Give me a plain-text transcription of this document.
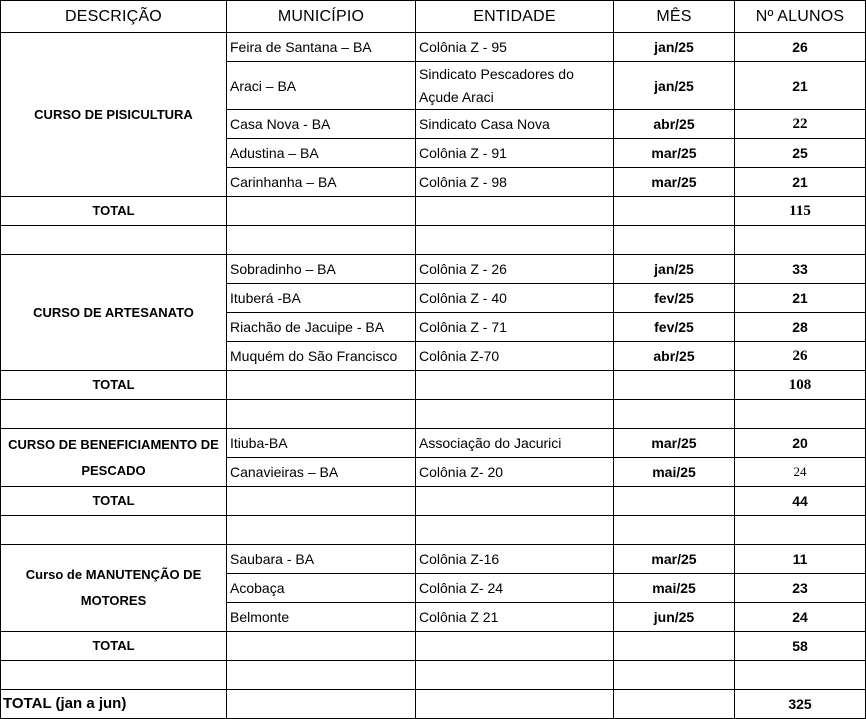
DESCRIÇÃO	MUNICÍPIO	ENTIDADE	MÊS	Nº ALUNOS
CURSO DE PISICULTURA	Feira de Santana – BA	Colônia Z - 95	jan/25	26
	Araci – BA	Sindicato Pescadores do Açude Araci	jan/25	21
	Casa Nova - BA	Sindicato Casa Nova	abr/25	22
	Adustina – BA	Colônia Z - 91	mar/25	25
	Carinhanha – BA	Colônia Z - 98	mar/25	21
TOTAL				115

CURSO DE ARTESANATO	Sobradinho – BA	Colônia Z - 26	jan/25	33
	Ituberá -BA	Colônia Z - 40	fev/25	21
	Riachão de Jacuipe - BA	Colônia Z - 71	fev/25	28
	Muquém do São Francisco	Colônia Z-70	abr/25	26
TOTAL				108

CURSO DE BENEFICIAMENTO DE PESCADO	Itiuba-BA	Associação do Jacurici	mar/25	20
	Canavieiras – BA	Colônia Z- 20	mai/25	24
TOTAL				44

Curso de MANUTENÇÃO DE MOTORES	Saubara - BA	Colônia Z-16	mar/25	11
	Acobaça	Colônia Z- 24	mai/25	23
	Belmonte	Colônia Z 21	jun/25	24
TOTAL				58

TOTAL (jan a jun)				325
